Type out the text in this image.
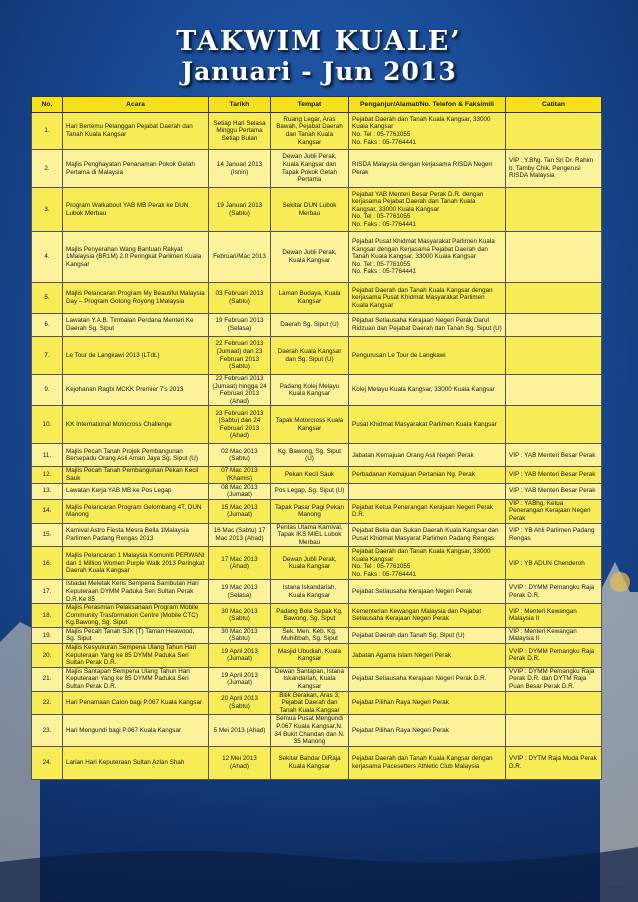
TAKWIM KUALE’
Januari - Jun 2013
No.	Acara	Tarikh	Tempat	Penganjur/Alamat/No. Telefon & Faksimili	Catitan
1.	Hari Bertemu Pelanggan Pejabat Daerah dan Tanah Kuala Kangsar	Setiap Hari Selasa Minggu Pertama Setiap Bulan	Ruang Legar, Aras Bawah, Pejabat Daerah dan Tanah Kuala Kangsar	Pejabat Daerah dan Tanah Kuala Kangsar, 33000 Kuala Kangsar
No. Tel : 05-7761055
No. Faks : 05-7764441	
2.	Majlis Penghayatan Penanaman Pokok Getah Pertama di Malaysia	14 Januari 2013 (Isnin)	Dewan Jubli Perak, Kuala Kangsar dan Tapak Pokok Getah Pertama	RISDA Malaysia dengan kerjasama RISDA Negeri Perak	VIP : Y.Bhg. Tan Sri Dr. Rahim b. Tamby Chik, Pengerusi RISDA Malaysia
3.	Program Walkabout YAB MB Perak ke DUN Lubok Merbau	19 Januari 2013 (Sabtu)	Sekitar DUN Lubok Merbau	Pejabat YAB Menteri Besar Perak D.R. dengan kerjasama Pejabat Daerah dan Tanah Kuala Kangsar, 33000 Kuala Kangsar
No. Tel : 05-7761055
No. Faks : 05-7764441	
4.	Majlis Penyerahan Wang Bantuan Rakyat 1Malaysia (BR1M) 2.0 Peringkat Parlimen Kuala Kangsar	Februari/Mac 2013	Dewan Jubli Perak, Kuala Kangsar	Pejabat Pusat Khidmat Masyarakat Parlimen Kuala Kangsar dengan Kerjasama Pejabat Daerah dan Tanah Kuala Kangsar, 33000 Kuala Kangsar
No. Tel : 05-7761055
No. Faks : 05-7764441	
5.	Majlis Pelancaran Program My Beautiful Malaysia Day – Program Gotong Royong 1Malaysia	03 Februari 2013 (Sabtu)	Laman Budaya, Kuala Kangsar	Pejabat Daerah dan Tanah Kuala Kangsar dengan kerjasama Pusat Khidmat Masyarakat Parlimen Kuala Kangsar	
6.	Lawatan Y.A.B. Timbalan Perdana Menteri Ke Daerah Sg. Siput	19 Februari 2013 (Selasa)	Daerah Sg. Siput (U)	Pejabat Setiausaha Kerajaan Negeri Perak Darul Ridzuan dan Pejabat Daerah dan Tanah Sg. Siput (U)	
7.	Le Tour de Langkawi 2013 (LTdL)	22 Februari 2013 (Jumaat) dan 23 Februari 2013 (Sabtu)	Daerah Kuala Kangsar dan Sg. Siput (U)	Pengurusan Le Tour de Langkawi	
9.	Kejohanan Ragbi MCKK Premier 7's 2013	22 Februari 2013 (Jumaat) hingga 24 Februari 2013 (Ahad)	Padang Kolej Melayu Kuala Kangsar	Kolej Melayu Kuala Kangsar, 33000 Kuala Kangsar	
10.	KK International Motocross Challenge	23 Februari 2013 (Sabtu) dan 24 Februari 2013 (Ahad)	Tapak Motorcross Kuala Kangsar	Pusat Khidmat Masyarakat Parlimen Kuala Kangsar	
11.	Majlis Pecah Tanah Projek Pembangunan Bersepadu Orang Asli Aman Jaya Sg. Siput (U)	02 Mac 2013 (Sabtu)	Kg. Bawong, Sg. Siput (U)	Jabatan Kemajuan Orang Asli Negeri Perak	VIP : YAB Menteri Besar Perak
12.	Majlis Pecah Tanah Pembangunan Pekan Kecil Sauk	07 Mac 2013 (Khamis)	Pekan Kecil Sauk	Perbadanan Kemajuan Pertanian Ng. Perak	VIP : YAB Menteri Besar Perak
13.	Lawatan Kerja YAB MB ke Pos Legap	08 Mac 2013 (Jumaat)	Pos Legap, Sg. Siput (U)		VIP : YAB Menteri Besar Perak
14.	Majlis Pelancaran Program Gelombang 4T, DUN Manong	15 Mac 2013 (Jumaat)	Tapak Pasar Pagi Pekan Manong	Pejabat Ketua Penerangan Kerajaan Negeri Perak D.R.	VIP : YABhg. Ketua Penerangan Kerajaan Negeri Perak
15.	Karnival Astro Fiesta Mesra Bella 1Malaysia Parlimen Padang Rengas 2013	16 Mac (Sabtu) 17 Mac 2013 (Ahad)	Pentas Utama Karnival, Tapak IKS MIEL Lubok Merbau	Pejabat Belia dan Sukan Daerah Kuala Kangsar dan Pusat Khidmat Masyarat Parlimen Padang Rengas	VIP : YB Ahli Parlimen Padang Rengas
16.	Majlis Pelancaran 1 Malaysia Komuniti PERWANI dan 1 Million Women Purple Walk 2013 Peringkat Daerah Kuala Kangsar	17 Mac 2013 (Ahad)	Dewan Jubli Perak, Kuala Kangsar	Pejabat Daerah dan Tanah Kuala Kangsar, 33000 Kuala Kangsar
No. Tel : 05-7761055
No. Faks : 05-7764441	VIP : YB ADUN Chenderoh
17.	Istiadat Meletak Keris Sempena Sambutan Hari Keputeraan DYMM Paduka Seri Sultan Perak D.R.Ke 85	19 Mac 2013 (Selasa)	Istana Iskandariah, Kuala Kangsar	Pejabat Setiausaha Kerajaan Negeri Perak	VVIP : DYMM Pemangku Raja Perak D.R.
18.	Majlis Perasmian Pelaksanaan Program Mobile Community Trasformation Centre (Mobile CTC) Kg.Bawong, Sg. Siput	30 Mac 2013 (Sabtu)	Padang Bola Sepak Kg. Bawong, Sg. Siput	Kementerian Kewangan Malaysia dan Pejabat Setiausaha Kerajaan Negeri Perak	VIP : Menteri Kewangan Malaysia II
19.	Majlis Pecah Tanah SJK (T) Taman Heawood, Sg. Siput	30 Mac 2013 (Sabtu)	Sek. Men. Keb. Kg. Muhibbah, Sg. Siput	Pejabat Daerah dan Tanah Sg. Siput (U)	VIP : Menteri Kewangan Malaysia II
20.	Majlis Kesyukuran Sempena Ulang Tahun Hari Keputeraan Yang ke 85 DYMM Paduka Seri Sultan Perak D.R.	19 April 2013 (Jumaat)	Masjid Ubudiah, Kuala Kangsar	Jabatan Agama Islam Negeri Perak	VVIP : DYMM Pemangku Raja Perak D.R.
21.	Majlis Santapan Sempena Ulang Tahun Hari Keputeraan Yang ke 85 DYMM Paduka Seri Sultan Perak D.R.	19 April 2013 (Jumaat)	Dewan Santapan, Istana Iskandariah, Kuala Kangsar	Pejabat Setiausaha Kerajaan Negeri Perak D.R.	VVIP : DYMM Pemangku Raja Perak D.R. dan DYTM Raja Puan Besar Perak D.R.
22.	Hari Penamaan Calon bagi P.067 Kuala Kangsar	20 April 2013 (Sabtu)	Bilik Gerakan, Aras 3, Pejabat Daerah dan Tanah Kuala Kangsar	Pejabat Pilihan Raya Negeri Perak	
23.	Hari Mengundi bagi P.067 Kuala Kangsar	5 Mei 2013 (Ahad)	Semua Pusat Mengundi P.067 Kuala Kangsar,N. 34 Bukit Chandan dan N. 35 Manong	Pejabat Pilihan Raya Negeri Perak	
24.	Larian Hari Keputeraan Sultan Azlan Shah	12 Mei 2013 (Ahad)	Sekitar Bandar DiRaja Kuala Kangsar	Pejabat Daerah dan Tanah Kuala Kangsar dengan kerjasama Pacesetters Athletic Club Malaysia	VVIP : DYTM Raja Muda Perak D.R.
